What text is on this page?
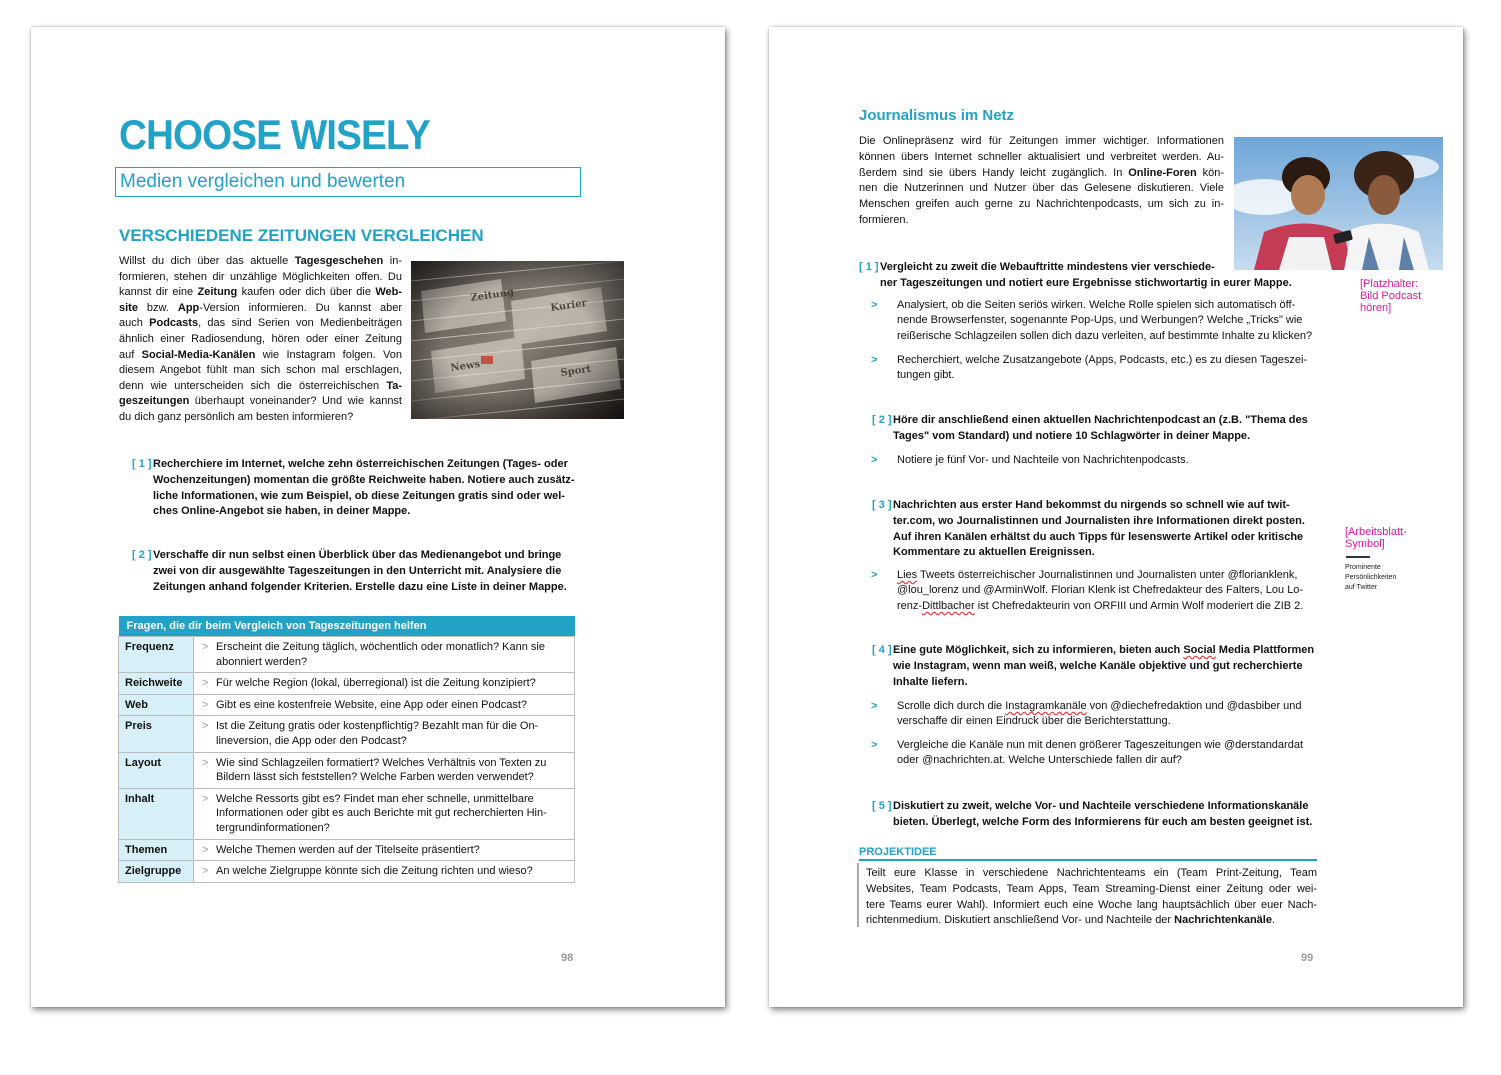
CHOOSE WISELY
Medien vergleichen und bewerten
VERSCHIEDENE ZEITUNGEN VERGLEICHEN
Willst du dich über das aktuelle Tagesgeschehen in-
formieren, stehen dir unzählige Möglichkeiten offen. Du
kannst dir eine Zeitung kaufen oder dich über die Web-
site bzw. App-Version informieren. Du kannst aber
auch Podcasts, das sind Serien von Medienbeiträgen
ähnlich einer Radiosendung, hören oder einer Zeitung
auf Social-Media-Kanälen wie Instagram folgen. Von
diesem Angebot fühlt man sich schon mal erschlagen,
denn wie unterscheiden sich die österreichischen Ta-
geszeitungen überhaupt voneinander? Und wie kannst
du dich ganz persönlich am besten informieren?
[ 1 ] Recherchiere im Internet, welche zehn österreichischen Zeitungen (Tages- oder
Wochenzeitungen) momentan die größte Reichweite haben. Notiere auch zusätz-
liche Informationen, wie zum Beispiel, ob diese Zeitungen gratis sind oder wel-
ches Online-Angebot sie haben, in deiner Mappe.
[ 2 ] Verschaffe dir nun selbst einen Überblick über das Medienangebot und bringe
zwei von dir ausgewählte Tageszeitungen in den Unterricht mit. Analysiere die
Zeitungen anhand folgender Kriterien. Erstelle dazu eine Liste in deiner Mappe.
Fragen, die dir beim Vergleich von Tageszeitungen helfen	
Frequenz	> Erscheint die Zeitung täglich, wöchentlich oder monatlich? Kann sie abonniert werden?
Reichweite	> Für welche Region (lokal, überregional) ist die Zeitung konzipiert?
Web	> Gibt es eine kostenfreie Website, eine App oder einen Podcast?
Preis	> Ist die Zeitung gratis oder kostenpflichtig? Bezahlt man für die On-lineversion, die App oder den Podcast?
Layout	> Wie sind Schlagzeilen formatiert? Welches Verhältnis von Texten zu Bildern lässt sich feststellen? Welche Farben werden verwendet?
Inhalt	> Welche Ressorts gibt es? Findet man eher schnelle, unmittelbare Informationen oder gibt es auch Berichte mit gut recherchierten Hin-tergrundinformationen?
Themen	> Welche Themen werden auf der Titelseite präsentiert?
Zielgruppe	> An welche Zielgruppe könnte sich die Zeitung richten und wieso?
98
Journalismus im Netz
Die Onlinepräsenz wird für Zeitungen immer wichtiger. Informationen
können übers Internet schneller aktualisiert und verbreitet werden. Au-
ßerdem sind sie übers Handy leicht zugänglich. In Online-Foren kön-
nen die Nutzerinnen und Nutzer über das Gelesene diskutieren. Viele
Menschen greifen auch gerne zu Nachrichtenpodcasts, um sich zu in-
formieren.
[Platzhalter:
Bild Podcast
hören]
[ 1 ] Vergleicht zu zweit die Webauftritte mindestens vier verschiede-
ner Tageszeitungen und notiert eure Ergebnisse stichwortartig in eurer Mappe.
> Analysiert, ob die Seiten seriös wirken. Welche Rolle spielen sich automatisch öff-
nende Browserfenster, sogenannte Pop-Ups, und Werbungen? Welche „Tricks" wie
reißerische Schlagzeilen sollen dich dazu verleiten, auf bestimmte Inhalte zu klicken?
> Recherchiert, welche Zusatzangebote (Apps, Podcasts, etc.) es zu diesen Tageszei-
tungen gibt.
[ 2 ] Höre dir anschließend einen aktuellen Nachrichtenpodcast an (z.B. "Thema des
Tages" vom Standard) und notiere 10 Schlagwörter in deiner Mappe.
> Notiere je fünf Vor- und Nachteile von Nachrichtenpodcasts.
[ 3 ] Nachrichten aus erster Hand bekommst du nirgends so schnell wie auf twit-
ter.com, wo Journalistinnen und Journalisten ihre Informationen direkt posten.
Auf ihren Kanälen erhältst du auch Tipps für lesenswerte Artikel oder kritische
Kommentare zu aktuellen Ereignissen.
> Lies Tweets österreichischer Journalistinnen und Journalisten unter @florianklenk,
@lou_lorenz und @ArminWolf. Florian Klenk ist Chefredakteur des Falters, Lou Lo-
renz-Dittlbacher ist Chefredakteurin von ORFIII und Armin Wolf moderiert die ZIB 2.
[Arbeitsblatt-
Symbol]
Prominente
Persönlichkeiten
auf Twitter
[ 4 ] Eine gute Möglichkeit, sich zu informieren, bieten auch Social Media Plattformen
wie Instagram, wenn man weiß, welche Kanäle objektive und gut recherchierte
Inhalte liefern.
> Scrolle dich durch die Instagramkanäle von @diechefredaktion und @dasbiber und
verschaffe dir einen Eindruck über die Berichterstattung.
> Vergleiche die Kanäle nun mit denen größerer Tageszeitungen wie @derstandardat
oder @nachrichten.at. Welche Unterschiede fallen dir auf?
[ 5 ] Diskutiert zu zweit, welche Vor- und Nachteile verschiedene Informationskanäle
bieten. Überlegt, welche Form des Informierens für euch am besten geeignet ist.
PROJEKTIDEE
Teilt eure Klasse in verschiedene Nachrichtenteams ein (Team Print-Zeitung, Team
Websites, Team Podcasts, Team Apps, Team Streaming-Dienst einer Zeitung oder wei-
tere Teams eurer Wahl). Informiert euch eine Woche lang hauptsächlich über euer Nach-
richtenmedium. Diskutiert anschließend Vor- und Nachteile der Nachrichtenkanäle.
99
